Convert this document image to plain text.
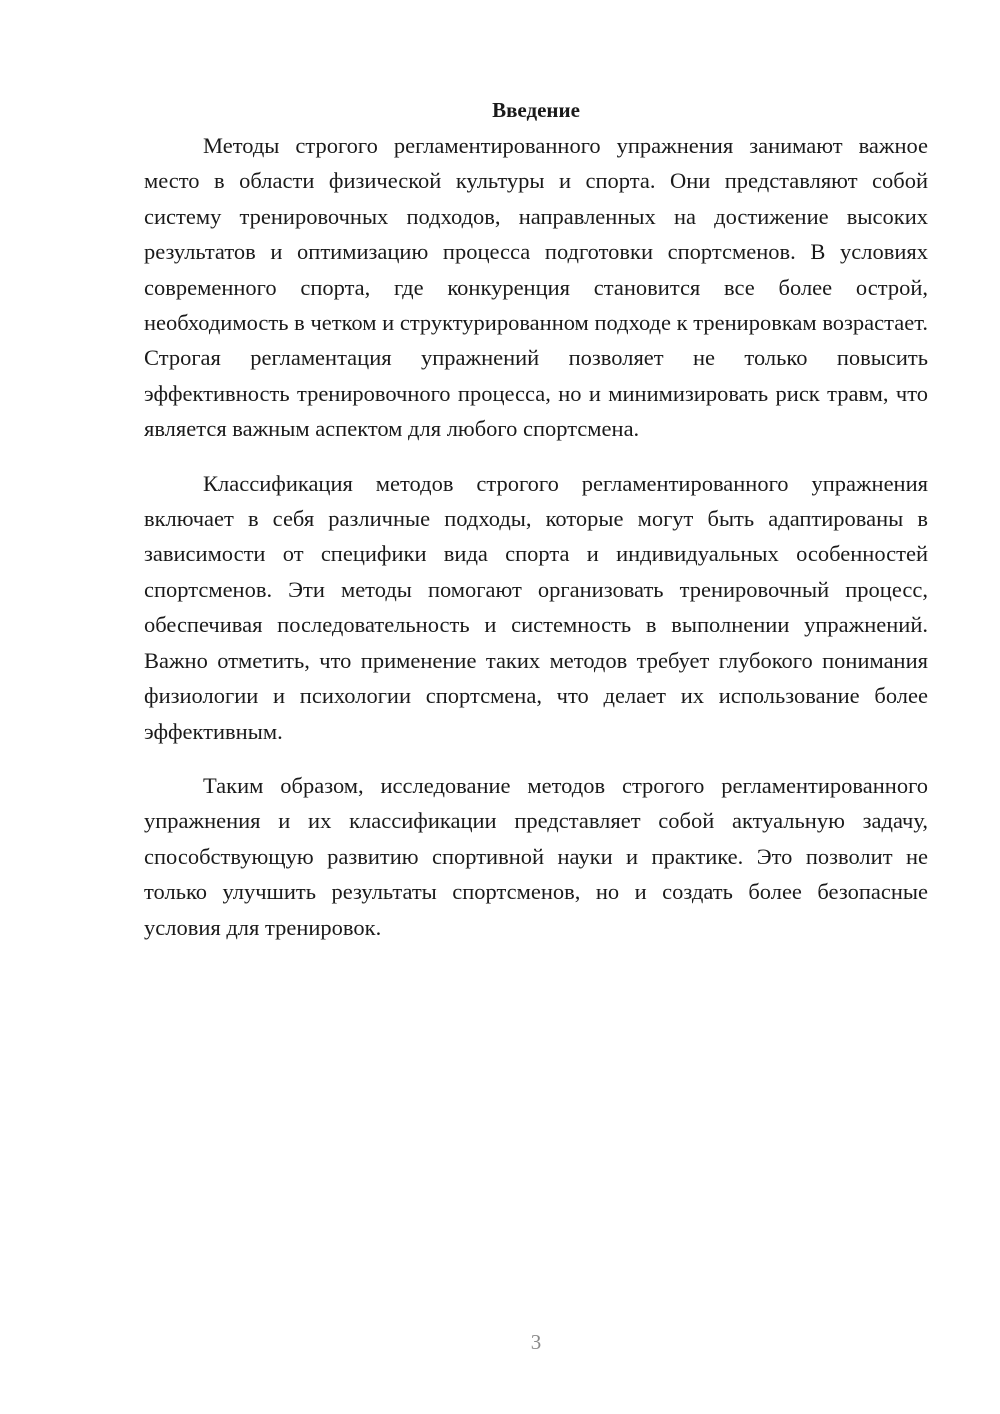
Введение

Методы строгого регламентированного упражнения занимают важное место в области физической культуры и спорта. Они представляют собой систему тренировочных подходов, направленных на достижение высоких результатов и оптимизацию процесса подготовки спортсменов. В условиях современного спорта, где конкуренция становится все более острой, необходимость в четком и структурированном подходе к тренировкам возрастает. Строгая регламентация упражнений позволяет не только повысить эффективность тренировочного процесса, но и минимизировать риск травм, что является важным аспектом для любого спортсмена.

Классификация методов строгого регламентированного упражнения включает в себя различные подходы, которые могут быть адаптированы в зависимости от специфики вида спорта и индивидуальных особенностей спортсменов. Эти методы помогают организовать тренировочный процесс, обеспечивая последовательность и системность в выполнении упражнений. Важно отметить, что применение таких методов требует глубокого понимания физиологии и психологии спортсмена, что делает их использование более эффективным.

Таким образом, исследование методов строгого регламентированного упражнения и их классификации представляет собой актуальную задачу, способствующую развитию спортивной науки и практике. Это позволит не только улучшить результаты спортсменов, но и создать более безопасные условия для тренировок.

3
